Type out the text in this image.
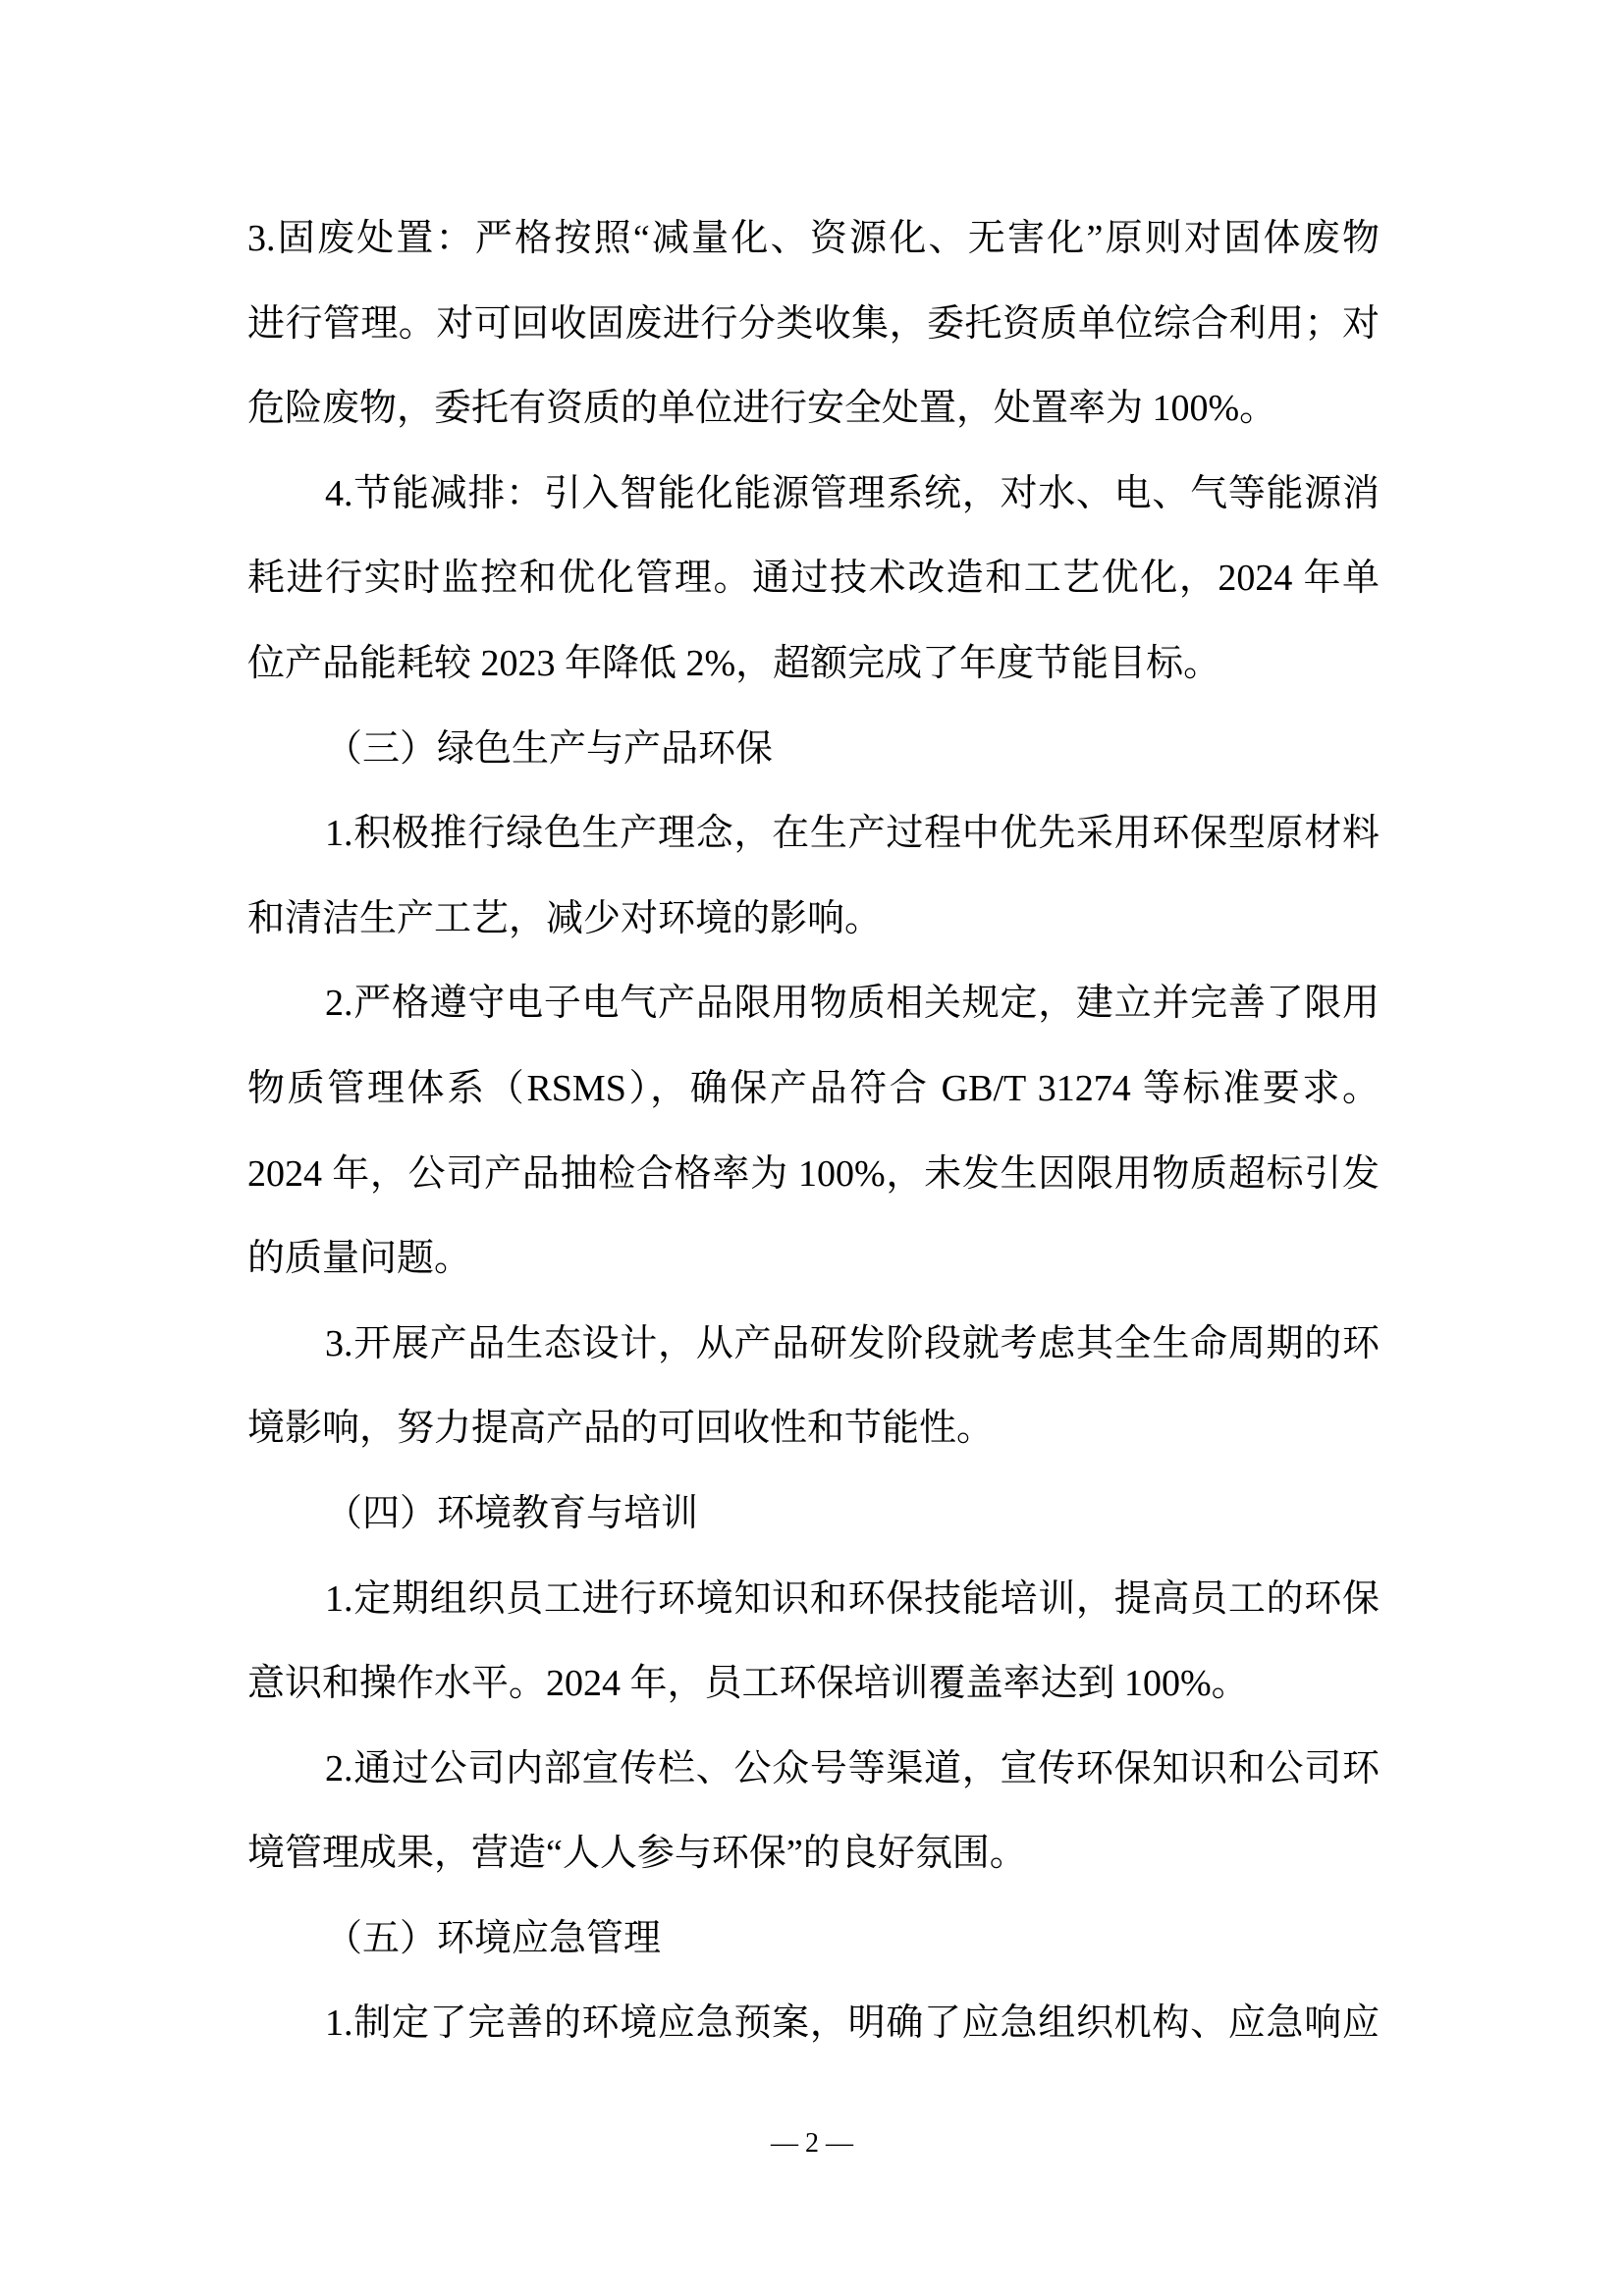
3.固废处置：严格按照“减量化、资源化、无害化”原则对固体废物
进行管理。对可回收固废进行分类收集，委托资质单位综合利用；对
危险废物，委托有资质的单位进行安全处置，处置率为 100%。
4.节能减排：引入智能化能源管理系统，对水、电、气等能源消
耗进行实时监控和优化管理。通过技术改造和工艺优化，2024 年单
位产品能耗较 2023 年降低 2%，超额完成了年度节能目标。
（三）绿色生产与产品环保
1.积极推行绿色生产理念，在生产过程中优先采用环保型原材料
和清洁生产工艺，减少对环境的影响。
2.严格遵守电子电气产品限用物质相关规定，建立并完善了限用
物质管理体系（RSMS），确保产品符合 GB/T 31274 等标准要求。
2024 年，公司产品抽检合格率为 100%，未发生因限用物质超标引发
的质量问题。
3.开展产品生态设计，从产品研发阶段就考虑其全生命周期的环
境影响，努力提高产品的可回收性和节能性。
（四）环境教育与培训
1.定期组织员工进行环境知识和环保技能培训，提高员工的环保
意识和操作水平。2024 年，员工环保培训覆盖率达到 100%。
2.通过公司内部宣传栏、公众号等渠道，宣传环保知识和公司环
境管理成果，营造“人人参与环保”的良好氛围。
（五）环境应急管理
1.制定了完善的环境应急预案，明确了应急组织机构、应急响应
— 2 —
